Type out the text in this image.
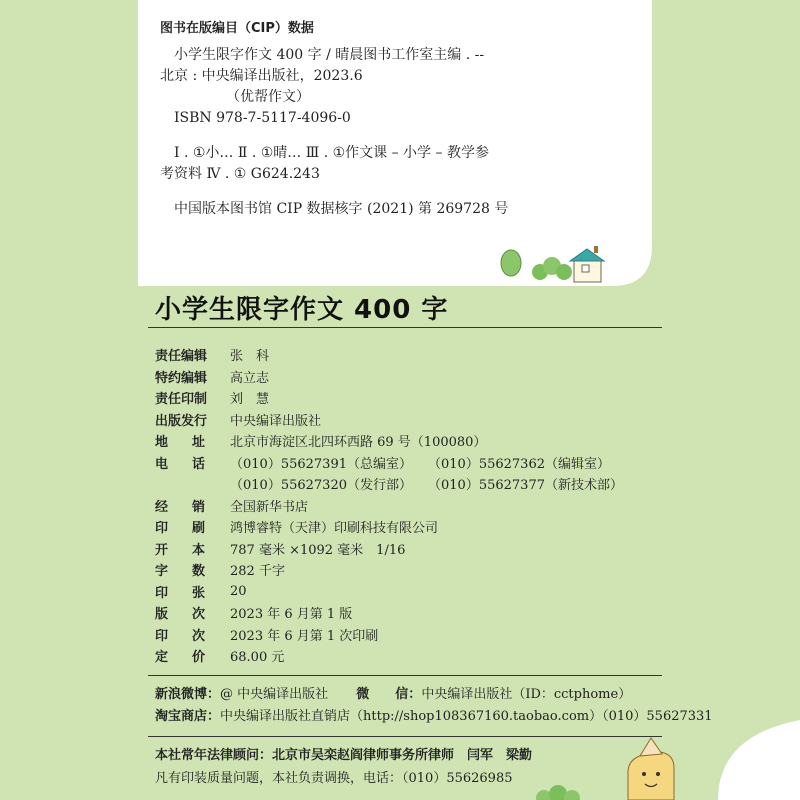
图书在版编目（CIP）数据
小学生限字作文 400 字 / 晴晨图书工作室主编 . --
北京 : 中央编译出版社，2023.6
（优帮作文）
ISBN 978-7-5117-4096-0
Ⅰ . ①小… Ⅱ . ①晴… Ⅲ . ①作文课 – 小学 – 教学参
考资料 Ⅳ . ① G624.243
中国版本图书馆 CIP 数据核字 (2021) 第 269728 号
小学生限字作文 400 字
责任编辑	张　科
特约编辑	高立志
责任印制	刘　慧
出版发行	中央编译出版社
地 址 北京市海淀区北四环西路 69 号（100080）
电 话 （010）55627391（总编室） （010）55627362（编辑室）
（010）55627320（发行部） （010）55627377（新技术部）
经 销 全国新华书店
印 刷 鸿博睿特（天津）印刷科技有限公司
开 本 787 毫米 ×1092 毫米　1/16
字 数 282 千字
印 张 20
版 次 2023 年 6 月第 1 版
印 次 2023 年 6 月第 1 次印刷
定 价 68.00 元
新浪微博：@ 中央编译出版社 微　　信：中央编译出版社（ID：cctphome）
淘宝商店：中央编译出版社直销店（http://shop108367160.taobao.com）（010）55627331
本社常年法律顾问：北京市吴栾赵阎律师事务所律师　闫军　梁勤
凡有印装质量问题，本社负责调换，电话：（010）55626985
